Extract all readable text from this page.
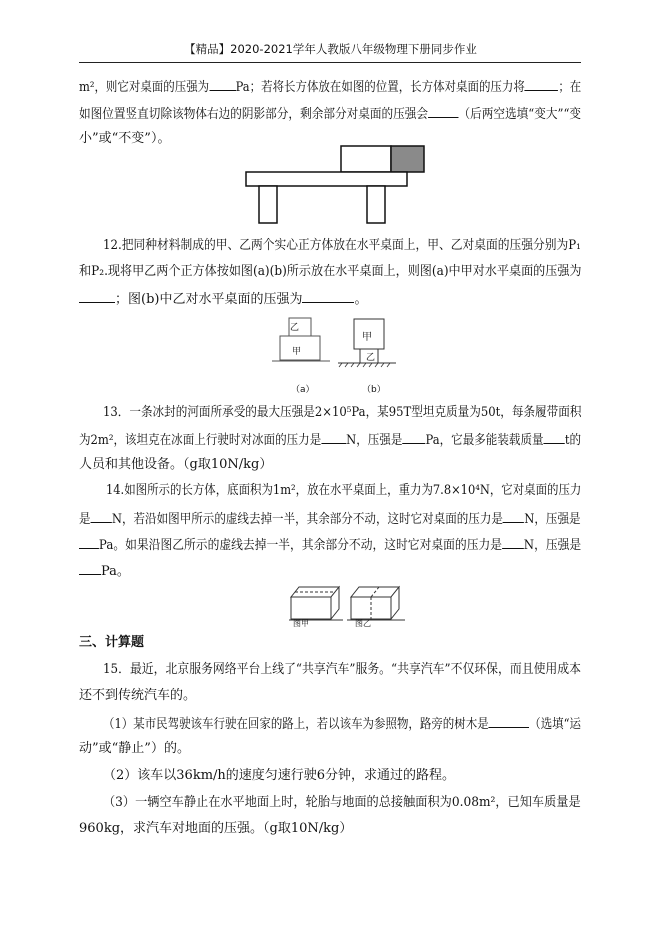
【精品】2020-2021学年人教版八年级物理下册同步作业
m²，则它对桌面的压强为 Pa；若将长方体放在如图的位置，长方体对桌面的压力将	；在
如图位置竖直切除该物体右边的阴影部分，剩余部分对桌面的压强会 （后两空选填“变大”“变
小”或“不变”）。
12.把同种材料制成的甲、乙两个实心正方体放在水平桌面上，甲、乙对桌面的压强分别为P₁
和P₂.现将甲乙两个正方体按如图(a)(b)所示放在水平桌面上，则图(a)中甲对水平桌面的压强为
；图(b)中乙对水平桌面的压强为	。
乙
甲
（a）
甲
乙
（b）
13．一条冰封的河面所承受的最大压强是2×10⁵Pa，某95T型坦克质量为50t，每条履带面积
为2m²，该坦克在冰面上行驶时对冰面的压力是 N，压强是 Pa，它最多能装载质量 t的
人员和其他设备。（g取10N/kg）
14.如图所示的长方体，底面积为1m²，放在水平桌面上，重力为7.8×10⁴N，它对桌面的压力
是 N，若沿如图甲所示的虚线去掉一半，其余部分不动，这时它对桌面的压力是 N，压强是
Pa。如果沿图乙所示的虚线去掉一半，其余部分不动，这时它对桌面的压力是 N，压强是
Pa。
图甲	图乙
三、计算题
15．最近，北京服务网络平台上线了“共享汽车”服务。“共享汽车”不仅环保，而且使用成本
还不到传统汽车的。
（1）某市民驾驶该车行驶在回家的路上，若以该车为参照物，路旁的树木是	（选填“运
动”或“静止”）的。
（2）该车以36km/h的速度匀速行驶6分钟，求通过的路程。
（3）一辆空车静止在水平地面上时，轮胎与地面的总接触面积为0.08m²，已知车质量是
960kg，求汽车对地面的压强。（g取10N/kg）
